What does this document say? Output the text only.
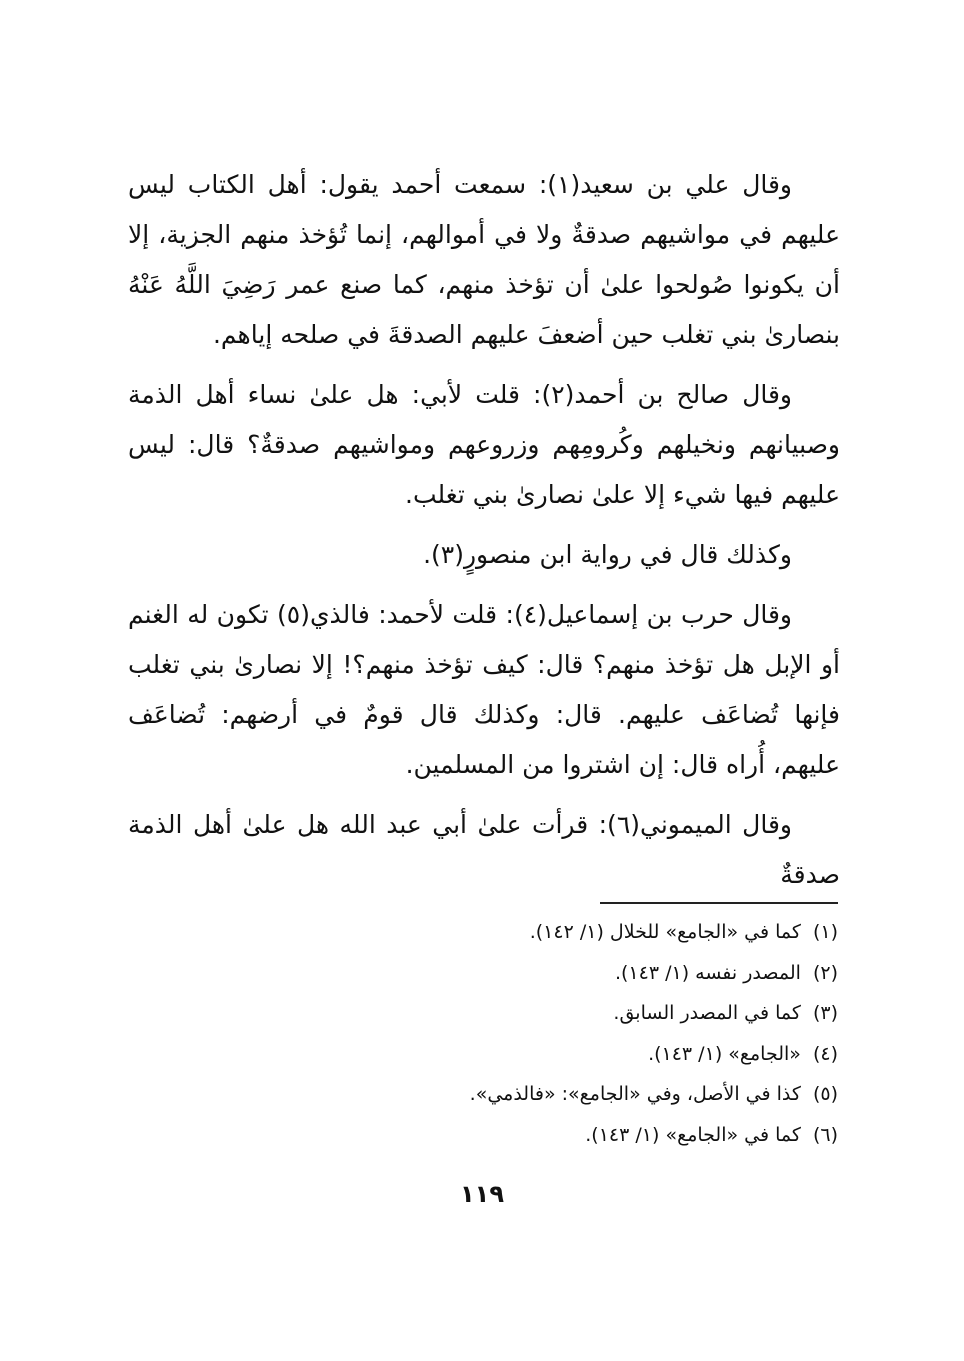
وقال علي بن سعيد(١): سمعت أحمد يقول: أهل الكتاب ليس عليهم في مواشيهم صدقةٌ ولا في أموالهم، إنما تُؤخذ منهم الجزية، إلا أن يكونوا صُولحوا علىٰ أن تؤخذ منهم، كما صنع عمر رَضِيَ اللَّهُ عَنْهُ بنصارىٰ بني تغلب حين أضعفَ عليهم الصدقةَ في صلحه إياهم.

وقال صالح بن أحمد(٢): قلت لأبي: هل علىٰ نساء أهل الذمة وصبيانهم ونخيلهم وكُرومِهم وزروعهم ومواشيهم صدقةٌ؟ قال: ليس عليهم فيها شيء إلا علىٰ نصارىٰ بني تغلب.

وكذلك قال في رواية ابن منصورٍ(٣).

وقال حرب بن إسماعيل(٤): قلت لأحمد: فالذي(٥) تكون له الغنم أو الإبل هل تؤخذ منهم؟ قال: كيف تؤخذ منهم؟! إلا نصارىٰ بني تغلب فإنها تُضاعَف عليهم. قال: وكذلك قال قومٌ في أرضهم: تُضاعَف عليهم، أُراه قال: إن اشتروا من المسلمين.

وقال الميموني(٦): قرأت علىٰ أبي عبد الله هل علىٰ أهل الذمة صدقةٌ

(١)كما في «الجامع» للخلال (١/ ١٤٢).

(٢)المصدر نفسه (١/ ١٤٣).

(٣)كما في المصدر السابق.

(٤)«الجامع» (١/ ١٤٣).

(٥)كذا في الأصل، وفي «الجامع»: «فالذمي».

(٦)كما في «الجامع» (١/ ١٤٣).

١١٩
